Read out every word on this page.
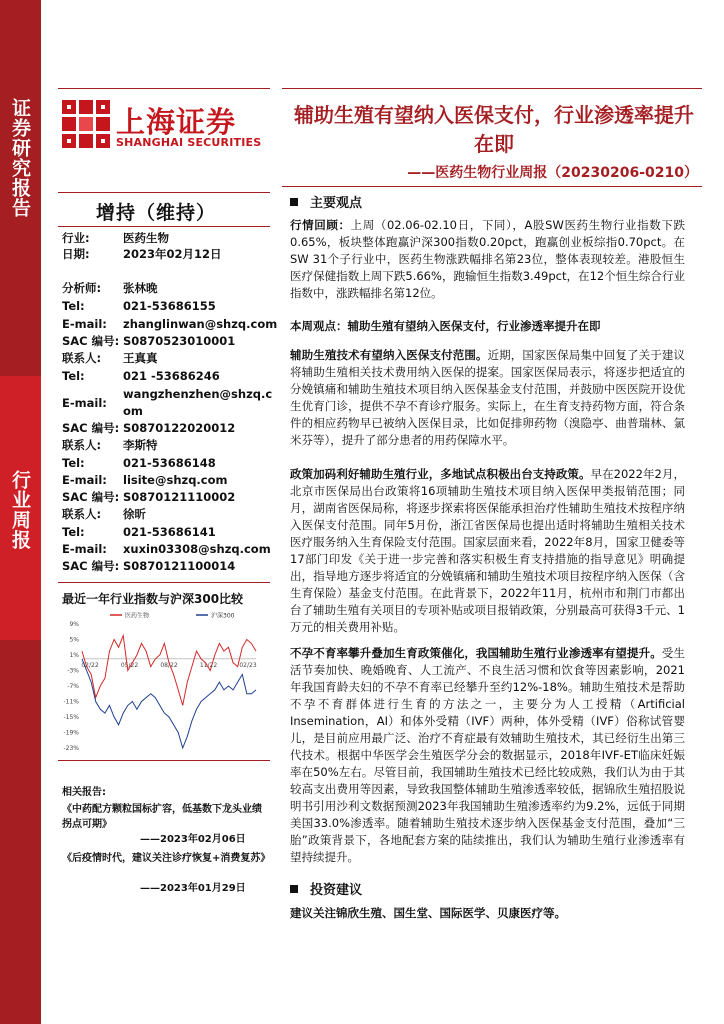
证券研究报告
行业周报
上海证券
SHANGHAI SECURITIES
辅助生殖有望纳入医保支付，行业渗透率提升在即
——医药生物行业周报（20230206-0210）
增持（维持）
行业:	医药生物
日期:	2023年02月12日
分析师: 张林晚
Tel:	021-53686155
E-mail: zhanglinwan@shzq.com
SAC 编号: S0870523010001
联系人: 王真真
Tel:	021 -53686246
E-mail:
wangzhenzhen@shzq.com
SAC 编号: S0870122020012
联系人: 李斯特
Tel:	021-53686148
E-mail: lisite@shzq.com
SAC 编号: S0870121110002
联系人: 徐昕
Tel:	021-53686141
E-mail: xuxin03308@shzq.com
SAC 编号: S0870121100014
最近一年行业指数与沪深300比较
医药生物	沪深300
9%
5%
1%
-3%
-7%
-11%
-15%
-19%
-23%
02/22	05/22	08/22	11/22	02/23
相关报告:
《中药配方颗粒国标扩容，低基数下龙头业绩拐点可期》
——2023年02月06日
《后疫情时代，建议关注诊疗恢复+消费复苏》
——2023年01月29日
主要观点

行情回顾：上周（02.06-02.10日，下同），A股SW医药生物行业指数下跌0.65%，板块整体跑赢沪深300指数0.20pct，跑赢创业板综指0.70pct。在SW 31个子行业中，医药生物涨跌幅排名第23位，整体表现较差。港股恒生医疗保健指数上周下跌5.66%，跑输恒生指数3.49pct，在12个恒生综合行业指数中，涨跌幅排名第12位。

本周观点：辅助生殖有望纳入医保支付，行业渗透率提升在即

辅助生殖技术有望纳入医保支付范围。近期，国家医保局集中回复了关于建议将辅助生殖相关技术费用纳入医保的提案。国家医保局表示，将逐步把适宜的分娩镇痛和辅助生殖技术项目纳入医保基金支付范围，并鼓励中医医院开设优生优育门诊，提供不孕不育诊疗服务。实际上，在生育支持药物方面，符合条件的相应药物早已被纳入医保目录，比如促排卵药物（溴隐亭、曲普瑞林、氯米芬等），提升了部分患者的用药保障水平。

政策加码利好辅助生殖行业，多地试点积极出台支持政策。早在2022年2月，北京市医保局出台政策将16项辅助生殖技术项目纳入医保甲类报销范围；同月，湖南省医保局称，将逐步探索将医保能承担治疗性辅助生殖技术按程序纳入医保支付范围。同年5月份，浙江省医保局也提出适时将辅助生殖相关技术医疗服务纳入生育保险支付范围。国家层面来看，2022年8月，国家卫健委等17部门印发《关于进一步完善和落实积极生育支持措施的指导意见》明确提出，指导地方逐步将适宜的分娩镇痛和辅助生殖技术项目按程序纳入医保（含生育保险）基金支付范围。在此背景下，2022年11月，杭州市和荆门市都出台了辅助生殖有关项目的专项补贴或项目报销政策，分别最高可获得3千元、1万元的相关费用补贴。

不孕不育率攀升叠加生育政策催化，我国辅助生殖行业渗透率有望提升。受生活节奏加快、晚婚晚育、人工流产、不良生活习惯和饮食等因素影响，2021年我国育龄夫妇的不孕不育率已经攀升至约12%-18%。辅助生殖技术是帮助不孕不育群体进行生育的方法之一，主要分为人工授精（Artificial Insemination，AI）和体外受精（IVF）两种，体外受精（IVF）俗称试管婴儿，是目前应用最广泛、治疗不育症最有效辅助生殖技术，其已经衍生出第三代技术。根据中华医学会生殖医学分会的数据显示，2018年IVF-ET临床妊娠率在50%左右。尽管目前，我国辅助生殖技术已经比较成熟，我们认为由于其较高支出费用等因素，导致我国整体辅助生殖渗透率较低，据锦欣生殖招股说明书引用沙利文数据预测2023年我国辅助生殖渗透率约为9.2%，远低于同期美国33.0%渗透率。随着辅助生殖技术逐步纳入医保基金支付范围，叠加“三胎”政策背景下，各地配套方案的陆续推出，我们认为辅助生殖行业渗透率有望持续提升。

投资建议

建议关注锦欣生殖、国生堂、国际医学、贝康医疗等。
